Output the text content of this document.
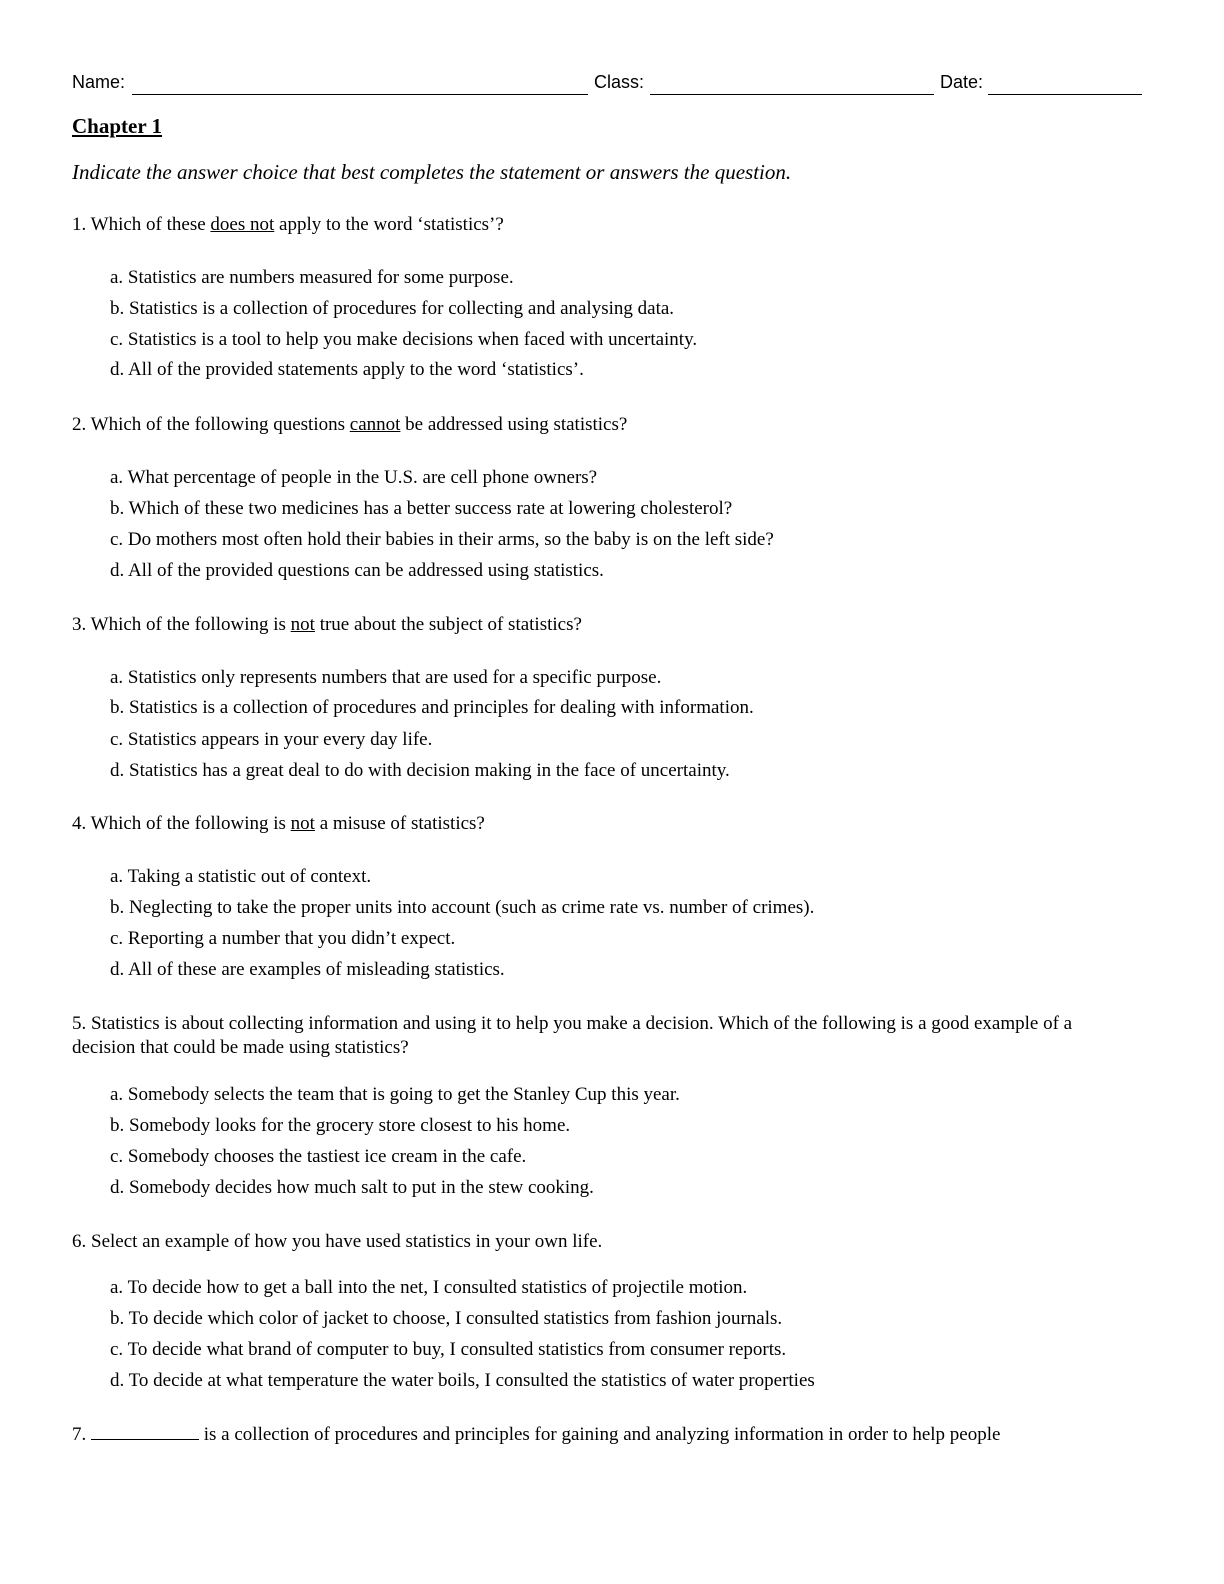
Name:	Class:	Date:
Chapter 1
Indicate the answer choice that best completes the statement or answers the question.
1. Which of these does not apply to the word ‘statistics’?
a. Statistics are numbers measured for some purpose.
b. Statistics is a collection of procedures for collecting and analysing data.
c. Statistics is a tool to help you make decisions when faced with uncertainty.
d. All of the provided statements apply to the word ‘statistics’.
2. Which of the following questions cannot be addressed using statistics?
a. What percentage of people in the U.S. are cell phone owners?
b. Which of these two medicines has a better success rate at lowering cholesterol?
c. Do mothers most often hold their babies in their arms, so the baby is on the left side?
d. All of the provided questions can be addressed using statistics.
3. Which of the following is not true about the subject of statistics?
a. Statistics only represents numbers that are used for a specific purpose.
b. Statistics is a collection of procedures and principles for dealing with information.
c. Statistics appears in your every day life.
d. Statistics has a great deal to do with decision making in the face of uncertainty.
4. Which of the following is not a misuse of statistics?
a. Taking a statistic out of context.
b. Neglecting to take the proper units into account (such as crime rate vs. number of crimes).
c. Reporting a number that you didn’t expect.
d. All of these are examples of misleading statistics.
5. Statistics is about collecting information and using it to help you make a decision. Which of the following is a good example of a decision that could be made using statistics?
a. Somebody selects the team that is going to get the Stanley Cup this year.
b. Somebody looks for the grocery store closest to his home.
c. Somebody chooses the tastiest ice cream in the cafe.
d. Somebody decides how much salt to put in the stew cooking.
6. Select an example of how you have used statistics in your own life.
a. To decide how to get a ball into the net, I consulted statistics of projectile motion.
b. To decide which color of jacket to choose, I consulted statistics from fashion journals.
c. To decide what brand of computer to buy, I consulted statistics from consumer reports.
d. To decide at what temperature the water boils, I consulted the statistics of water properties
7.	is a collection of procedures and principles for gaining and analyzing information in order to help people
